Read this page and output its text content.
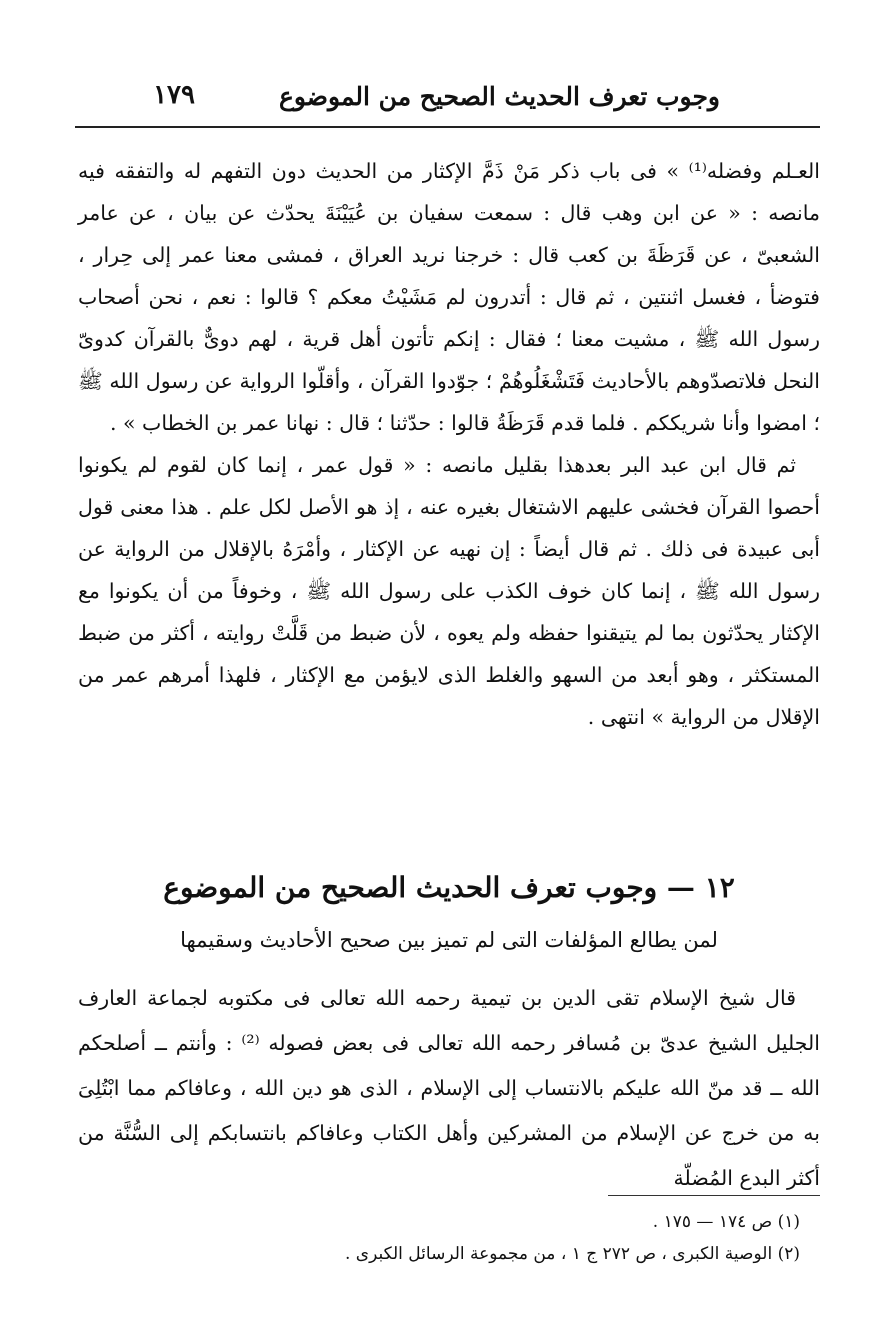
وجوب تعرف الحديث الصحيح من الموضوع
١٧٩

العـلم وفضله⁽¹⁾ » فى باب ذكر مَنْ ذَمَّ الإكثار من الحديث دون التفهم له والتفقه فيه مانصه : « عن ابن وهب قال : سمعت سفيان بن عُيَيْنَةَ يحدّث عن بيان ، عن عامر الشعبىّ ، عن قَرَظَةَ بن كعب قال : خرجنا نريد العراق ، فمشى معنا عمر إلى حِرار ، فتوضأ ، فغسل اثنتين ، ثم قال : أتدرون لم مَشَيْتُ معكم ؟ قالوا : نعم ، نحن أصحاب رسول الله ﷺ ، مشيت معنا ؛ فقال : إنكم تأتون أهل قرية ، لهم دوىٌّ بالقرآن كدوىّ النحل فلاتصدّوهم بالأحاديث فَتَشْغَلُوهُمْ ؛ جوّدوا القرآن ، وأقلّوا الرواية عن رسول الله ﷺ ؛ امضوا وأنا شريككم . فلما قدم قَرَظَةُ قالوا : حدّثنا ؛ قال : نهانا عمر بن الخطاب » .

ثم قال ابن عبد البر بعدهذا بقليل مانصه : « قول عمر ، إنما كان لقوم لم يكونوا أحصوا القرآن فخشى عليهم الاشتغال بغيره عنه ، إذ هو الأصل لكل علم . هذا معنى قول أبى عبيدة فى ذلك . ثم قال أيضاً : إن نهيه عن الإكثار ، وأمْرَهُ بالإقلال من الرواية عن رسول الله ﷺ ، إنما كان خوف الكذب على رسول الله ﷺ ، وخوفاً من أن يكونوا مع الإكثار يحدّثون بما لم يتيقنوا حفظه ولم يعوه ، لأن ضبط من قَلَّتْ روايته ، أكثر من ضبط المستكثر ، وهو أبعد من السهو والغلط الذى لايؤمن مع الإكثار ، فلهذا أمرهم عمر من الإقلال من الرواية » انتهى .

١٢ — وجوب تعرف الحديث الصحيح من الموضوع
لمن يطالع المؤلفات التى لم تميز بين صحيح الأحاديث وسقيمها

قال شيخ الإسلام تقى الدين بن تيمية رحمه الله تعالى فى مكتوبه لجماعة العارف الجليل الشيخ عدىّ بن مُسافر رحمه الله تعالى فى بعض فصوله ⁽²⁾ : وأنتم ــ أصلحكم الله ــ قد منّ الله عليكم بالانتساب إلى الإسلام ، الذى هو دين الله ، وعافاكم مما ابْتُلِىَ به من خرج عن الإسلام من المشركين وأهل الكتاب وعافاكم بانتسابكم إلى السُّنَّة من أكثر البدع المُضلّة

(١) ص ١٧٤ — ١٧٥ .

(٢) الوصية الكبرى ، ص ٢٧٢ ج ١ ، من مجموعة الرسائل الكبرى .
